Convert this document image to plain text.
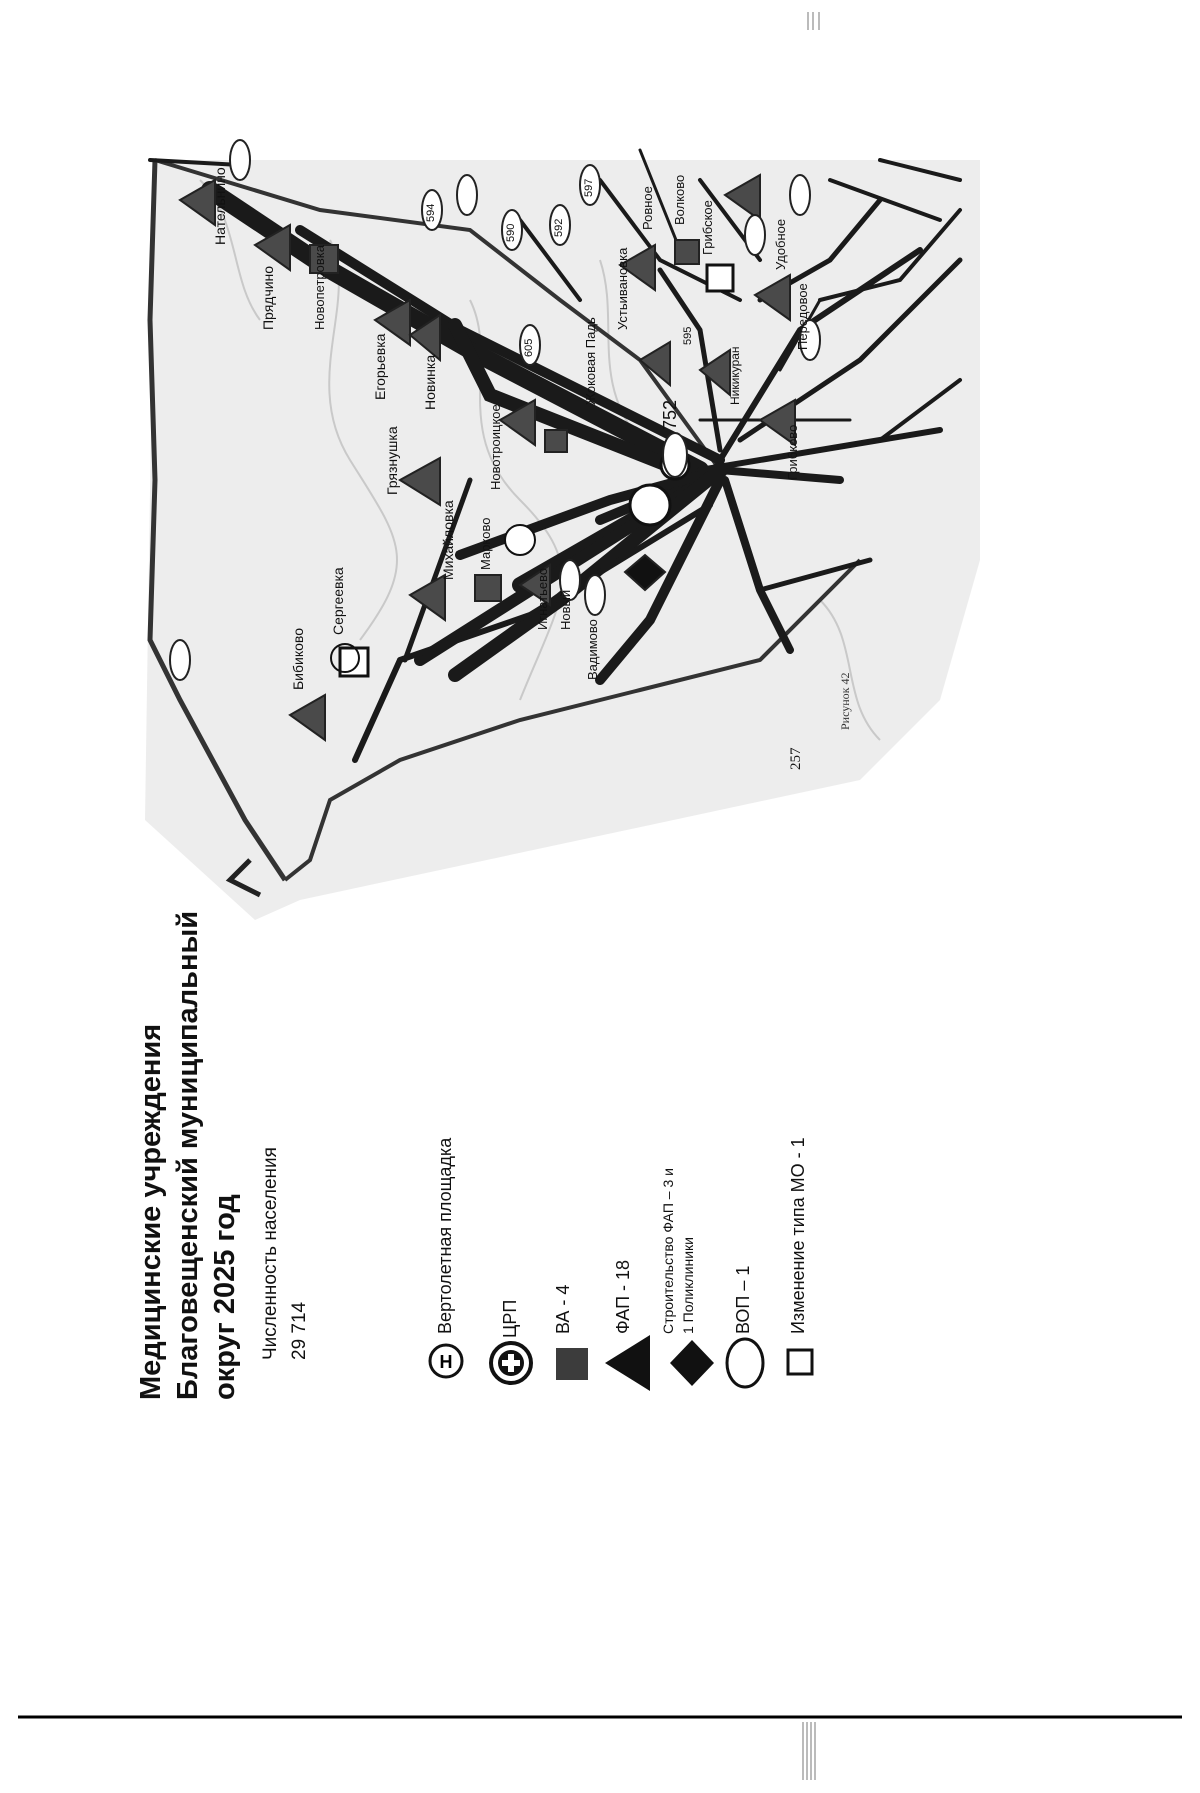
Нательнино
Прядчино	Новопетровка
Егорьевка Новинка
Грязнушка
Михайловка Марково
Новотроицкое
Сергеевка
Бибиково
Игнатьево Новый
Вадимово
Ровное Волково
Грибское
Устьивановка
Жоковая Падь
Передовое
Удобное
Грибково
Никикуран
594
590	592
597
605
595
752
257
Рисунок 42
Медицинские учреждения Благовещенский муниципальный округ 2025 год Численность населения 29 714
H
Вертолетная площадка	ЦРП ВА - 4 ФАП - 18 Строительство ФАП – 3 и 1 Поликлиники ВОП – 1 Изменение типа МО - 1
